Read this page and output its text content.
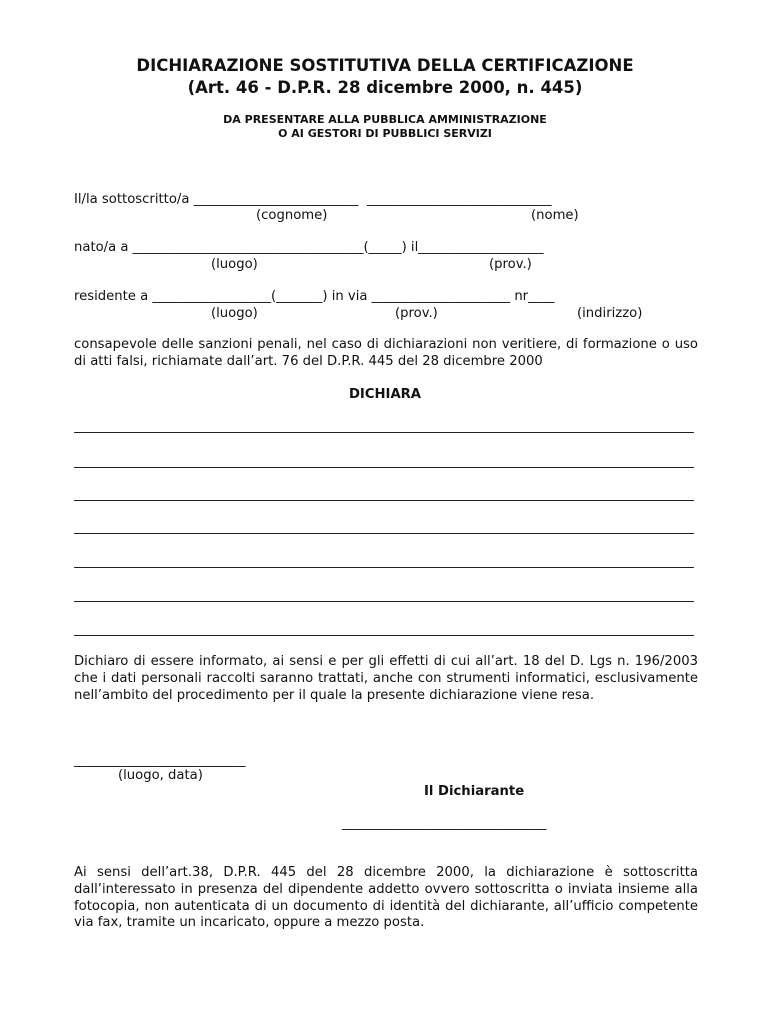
DICHIARAZIONE SOSTITUTIVA DELLA CERTIFICAZIONE
(Art. 46 - D.P.R. 28 dicembre 2000, n. 445)
DA PRESENTARE ALLA PUBBLICA AMMINISTRAZIONE
O AI GESTORI DI PUBBLICI SERVIZI
Il/la sottoscritto/a _________________________  ____________________________
(cognome)	(nome)
nato/a a ___________________________________(_____) il___________________
(luogo)	(prov.)
residente a __________________(_______) in via _____________________ nr____
(luogo)	(prov.)	(indirizzo)
consapevole delle sanzioni penali, nel caso di dichiarazioni non veritiere, di formazione o uso di atti falsi, richiamate dall’art. 76 del D.P.R. 445 del 28 dicembre 2000
DICHIARA
Dichiaro di essere informato, ai sensi e per gli effetti di cui all’art. 18 del D. Lgs n. 196/2003 che i dati personali raccolti saranno trattati, anche con strumenti informatici, esclusivamente nell’ambito del procedimento per il quale la presente dichiarazione viene resa.
__________________________
(luogo, data)
Il Dichiarante
_______________________________
Ai sensi dell’art.38, D.P.R. 445 del 28 dicembre 2000, la dichiarazione è sottoscritta dall’interessato in presenza del dipendente addetto ovvero sottoscritta o inviata insieme alla fotocopia, non autenticata di un documento di identità del dichiarante, all’ufficio competente via fax, tramite un incaricato, oppure a mezzo posta.
